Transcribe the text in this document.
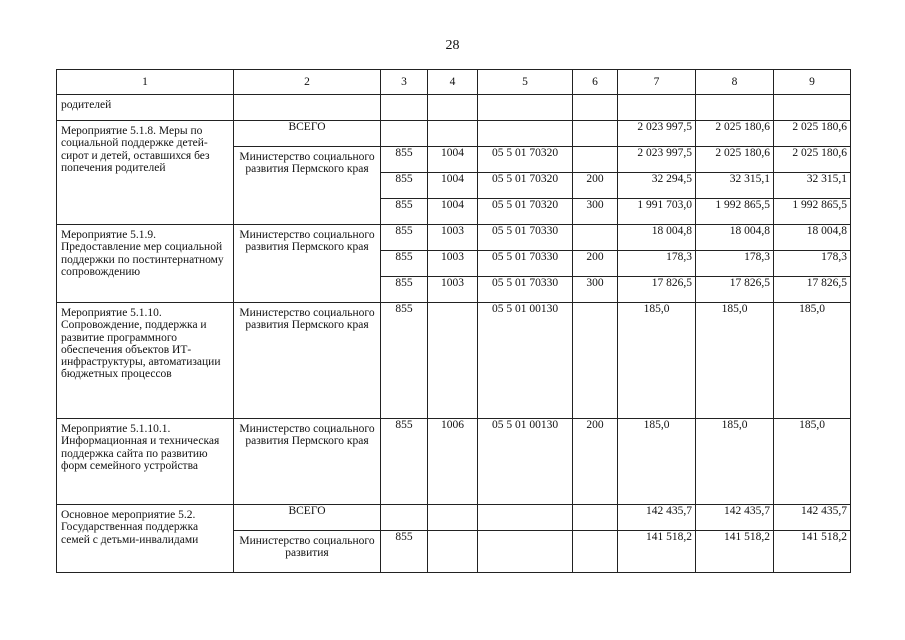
28
1	2	3	4	5	6	7	8	9
родителей								
Мероприятие 5.1.8. Меры по социальной поддержке детей-сирот и детей, оставшихся без попечения родителей	ВСЕГО					2 023 997,5	2 025 180,6	2 025 180,6
	Министерство социального развития Пермского края	855	1004	05 5 01 70320		2 023 997,5	2 025 180,6	2 025 180,6
		855	1004	05 5 01 70320	200	32 294,5	32 315,1	32 315,1
		855	1004	05 5 01 70320	300	1 991 703,0	1 992 865,5	1 992 865,5
Мероприятие 5.1.9. Предоставление мер социальной поддержки по постинтернатному сопровождению	Министерство социального развития Пермского края	855	1003	05 5 01 70330		18 004,8	18 004,8	18 004,8
		855	1003	05 5 01 70330	200	178,3	178,3	178,3
		855	1003	05 5 01 70330	300	17 826,5	17 826,5	17 826,5
Мероприятие 5.1.10. Сопровождение, поддержка и развитие программного обеспечения объектов ИТ-инфраструктуры, автоматизации бюджетных процессов	Министерство социального развития Пермского края	855		05 5 01 00130		185,0	185,0	185,0
Мероприятие 5.1.10.1. Информационная и техническая поддержка сайта по развитию форм семейного устройства	Министерство социального развития Пермского края	855	1006	05 5 01 00130	200	185,0	185,0	185,0
Основное мероприятие 5.2. Государственная поддержка семей с детьми-инвалидами	ВСЕГО					142 435,7	142 435,7	142 435,7
	Министерство социального развития	855				141 518,2	141 518,2	141 518,2
